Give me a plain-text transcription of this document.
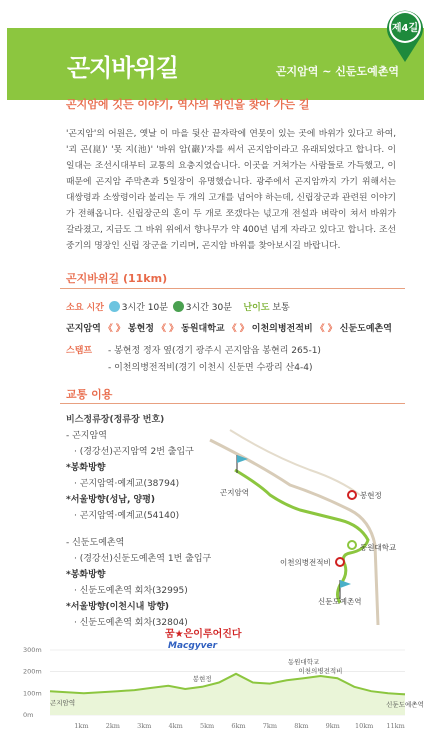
곤지바위길	곤지암역 ~ 신둔도예촌역
제4길
곤지암에 깃든 이야기, 역사의 위인을 찾아 가는 길
'곤지암'의 어원은, 옛날 이 마을 뒷산 끝자락에 연못이 있는 곳에 바위가 있다고 하여, '괴 곤(崑)' '못 지(池)' '바위 암(巖)'자를 써서 곤지암이라고 유래되었다고 합니다. 이 일대는 조선시대부터 교통의 요충지였습니다. 이곳을 거쳐가는 사람들로 가득했고, 이 때문에 곤지암 주막촌과 5일장이 유명했습니다. 광주에서 곤지암까지 가기 위해서는 대쌍령과 소쌍령이라 불리는 두 개의 고개를 넘어야 하는데, 신립장군과 관련된 이야기가 전해옵니다. 신립장군의 혼이 두 개로 쪼갰다는 넋고개 전설과 벼락이 쳐서 바위가 갈라졌고, 지금도 그 바위 위에서 향나무가 약 400년 넘게 자라고 있다고 합니다. 조선 중기의 명장인 신립 장군을 기리며, 곤지암 바위를 찾아보시길 바랍니다.
곤지바위길 (11km)
소요 시간 3시간 10분 3시간 30분 난이도 보통
곤지암역 《 》 봉현정 《 》 동원대학교 《 》 이천의병전적비 《 》 신둔도예촌역
스탬프 - 봉현정 정자 옆(경기 광주시 곤지암읍 봉현리 265-1)
- 이천의병전적비(경기 이천시 신둔면 수광리 산4-4)
교통 이용
비스정류장(정류장 번호)
- 곤지암역
· (경강선)곤지암역 2번 출입구
*봉화방향
· 곤지암역·예계교(38794)
*서울방향(성남, 양평)
· 곤지암역·예계교(54140)
- 신둔도예촌역
· (경강선)신둔도예촌역 1번 출입구
*봉화방향
· 신둔도예촌역 회차(32995)
*서울방향(이천시내 방향)
· 신둔도예촌역 회차(32804)
곤지암역	봉현정
동원대학교
이천의병전적비
신둔도예촌역
꿈★은이루어진다
Macgyver
300m
200m
100m
0m
1km	2km	3km	4km	5km	6km	7km	8km	9km 10km 11km
곤지암역
봉현정
동원대학교
이천의병전적비
신둔도예촌역
